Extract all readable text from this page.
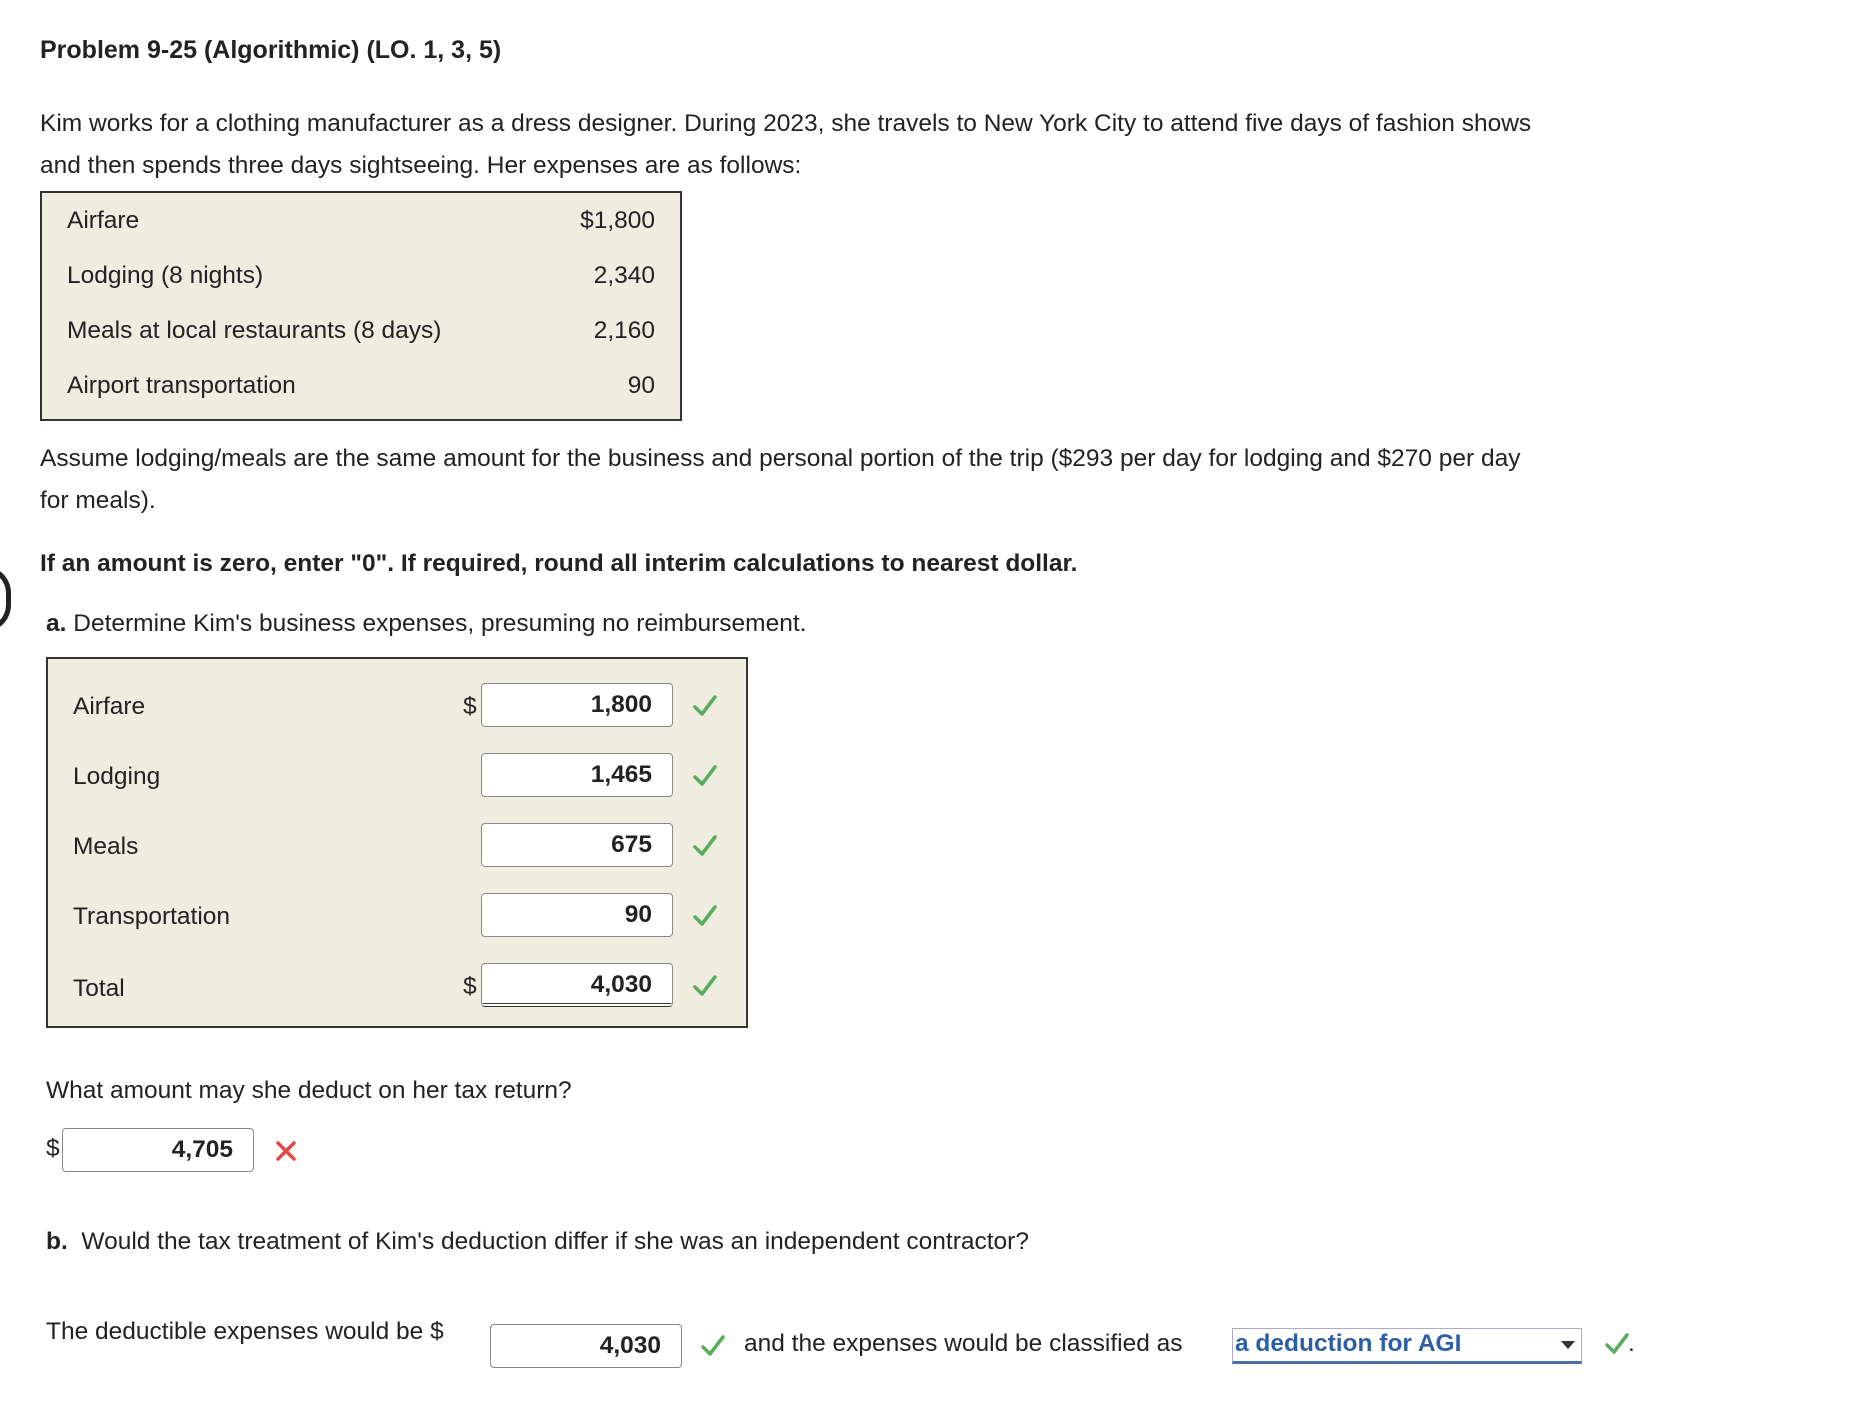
Problem 9-25 (Algorithmic) (LO. 1, 3, 5)
Kim works for a clothing manufacturer as a dress designer. During 2023, she travels to New York City to attend five days of fashion shows
and then spends three days sightseeing. Her expenses are as follows:
Airfare	$1,800
Lodging (8 nights)	2,340
Meals at local restaurants (8 days)	2,160
Airport transportation	90
Assume lodging/meals are the same amount for the business and personal portion of the trip ($293 per day for lodging and $270 per day
for meals).
If an amount is zero, enter "0". If required, round all interim calculations to nearest dollar.
a. Determine Kim's business expenses, presuming no reimbursement.
Airfare	$	1,800
Lodging	1,465
Meals	675
Transportation	90
Total	$	4,030
What amount may she deduct on her tax return?
$	4,705
b.  Would the tax treatment of Kim's deduction differ if she was an independent contractor?
The deductible expenses would be $
4,030	and the expenses would be classified as a deduction for AGI	.
